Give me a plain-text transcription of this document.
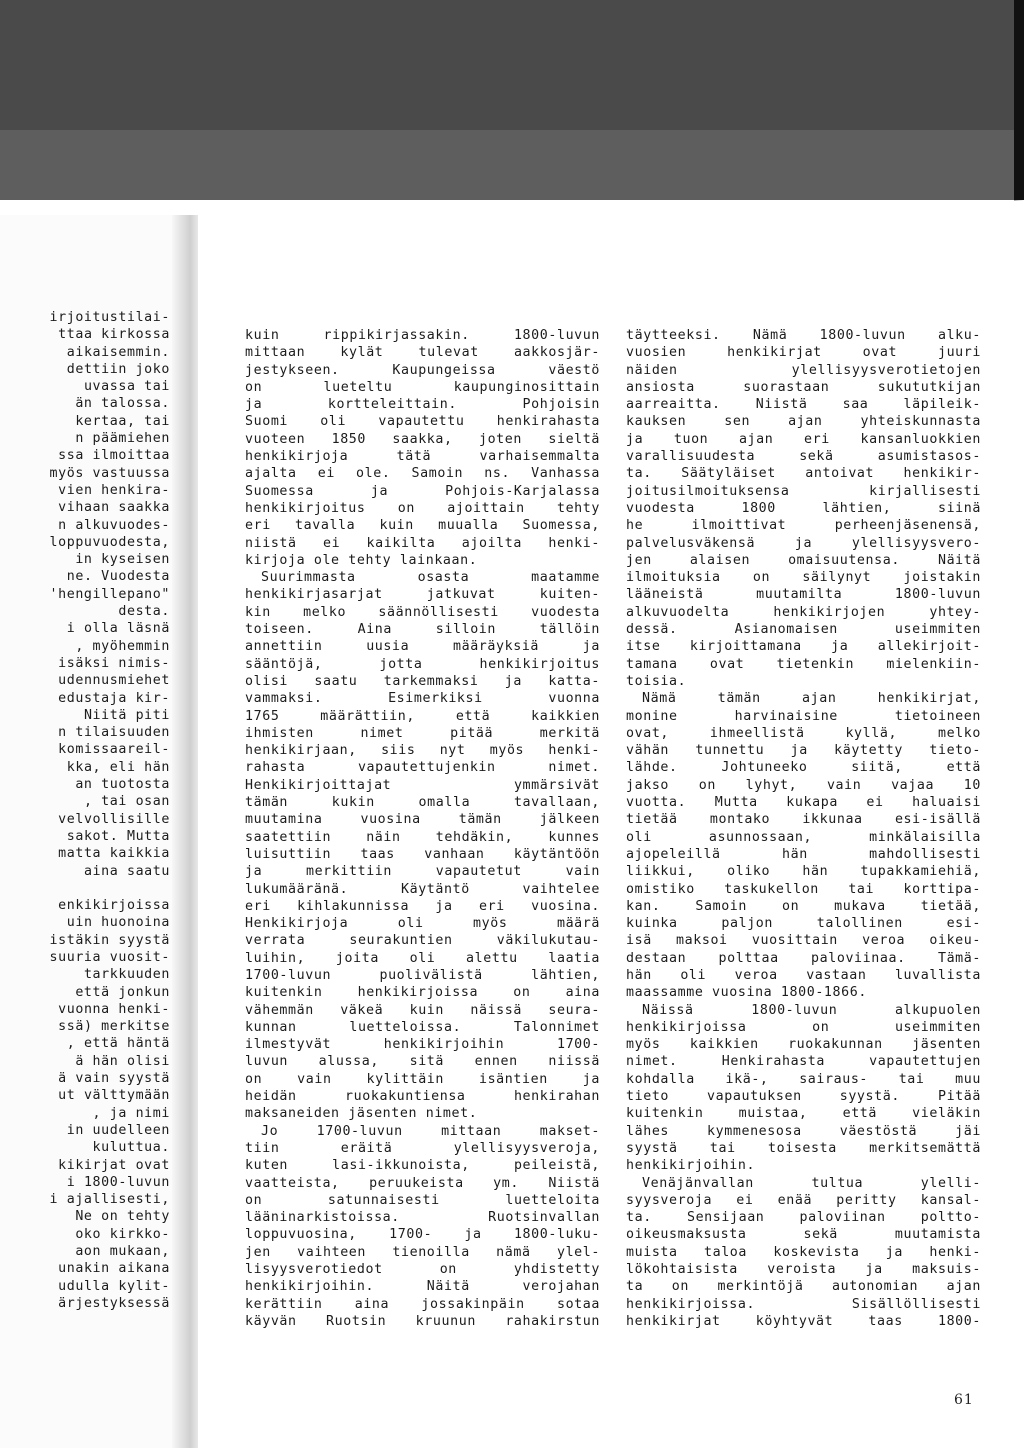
irjoitustilai-
ttaa kirkossa
aikaisemmin.
dettiin joko
uvassa tai
än talossa.
kertaa, tai
n päämiehen
ssa ilmoittaa
myös vastuussa
vien henkira-
vihaan saakka
n alkuvuodes-
loppuvuodesta,
in kyseisen
ne. Vuodesta
'hengillepano"
desta.
i olla läsnä
, myöhemmin
isäksi nimis-
udennusmiehet
edustaja kir-
Niitä piti
n tilaisuuden
komissaareil-
kka, eli hän
an tuotosta
, tai osan
velvollisille
sakot. Mutta
matta kaikkia
aina saatu
enkikirjoissa
uin huonoina
istäkin syystä
suuria vuosit-
tarkkuuden
että jonkun
vuonna henki-
ssä) merkitse
, että häntä
ä hän olisi
ä vain syystä
ut välttymään
, ja nimi
in uudelleen
kuluttua.
kikirjat ovat
i 1800-luvun
i ajallisesti,
Ne on tehty
oko kirkko-
aon mukaan,
unakin aikana
udulla kylit-
ärjestyksessä
kuin rippikirjassakin. 1800-luvun
mittaan kylät tulevat aakkosjär-
jestykseen. Kaupungeissa väestö
on lueteltu kaupunginosittain
ja kortteleittain. Pohjoisin
Suomi oli vapautettu henkirahasta
vuoteen 1850 saakka, joten sieltä
henkikirjoja tätä varhaisemmalta
ajalta ei ole. Samoin ns. Vanhassa
Suomessa ja Pohjois-Karjalassa
henkikirjoitus on ajoittain tehty
eri tavalla kuin muualla Suomessa,
niistä ei kaikilta ajoilta henki-
kirjoja ole tehty lainkaan.
Suurimmasta osasta maatamme
henkikirjasarjat jatkuvat kuiten-
kin melko säännöllisesti vuodesta
toiseen. Aina silloin tällöin
annettiin uusia määräyksiä ja
sääntöjä, jotta henkikirjoitus
olisi saatu tarkemmaksi ja katta-
vammaksi. Esimerkiksi vuonna
1765 määrättiin, että kaikkien
ihmisten nimet pitää merkitä
henkikirjaan, siis nyt myös henki-
rahasta vapautettujenkin nimet.
Henkikirjoittajat ymmärsivät
tämän kukin omalla tavallaan,
muutamina vuosina tämän jälkeen
saatettiin näin tehdäkin, kunnes
luisuttiin taas vanhaan käytäntöön
ja merkittiin vapautetut vain
lukumääränä. Käytäntö vaihtelee
eri kihlakunnissa ja eri vuosina.
Henkikirjoja oli myös määrä
verrata seurakuntien väkilukutau-
luihin, joita oli alettu laatia
1700-luvun puolivälistä lähtien,
kuitenkin henkikirjoissa on aina
vähemmän väkeä kuin näissä seura-
kunnan luetteloissa. Talonnimet
ilmestyvät henkikirjoihin 1700-
luvun alussa, sitä ennen niissä
on vain kylittäin isäntien ja
heidän ruokakuntiensa henkirahan
maksaneiden jäsenten nimet.
Jo 1700-luvun mittaan makset-
tiin eräitä ylellisyysveroja,
kuten lasi-ikkunoista, peileistä,
vaatteista, peruukeista ym. Niistä
on satunnaisesti luetteloita
lääninarkistoissa. Ruotsinvallan
loppuvuosina, 1700- ja 1800-luku-
jen vaihteen tienoilla nämä ylel-
lisyysverotiedot on yhdistetty
henkikirjoihin. Näitä verojahan
kerättiin aina jossakinpäin sotaa
käyvän Ruotsin kruunun rahakirstun
täytteeksi. Nämä 1800-luvun alku-
vuosien henkikirjat ovat juuri
näiden ylellisyysverotietojen
ansiosta suorastaan sukututkijan
aarreaitta. Niistä saa läpileik-
kauksen sen ajan yhteiskunnasta
ja tuon ajan eri kansanluokkien
varallisuudesta sekä asumistasos-
ta. Säätyläiset antoivat henkikir-
joitusilmoituksensa kirjallisesti
vuodesta 1800 lähtien, siinä
he ilmoittivat perheenjäsenensä,
palvelusväkensä ja ylellisyysvero-
jen alaisen omaisuutensa. Näitä
ilmoituksia on säilynyt joistakin
lääneistä muutamilta 1800-luvun
alkuvuodelta henkikirjojen yhtey-
dessä. Asianomaisen useimmiten
itse kirjoittamana ja allekirjoit-
tamana ovat tietenkin mielenkiin-
toisia.
Nämä tämän ajan henkikirjat,
monine harvinaisine tietoineen
ovat, ihmeellistä kyllä, melko
vähän tunnettu ja käytetty tieto-
lähde. Johtuneeko siitä, että
jakso on lyhyt, vain vajaa 10
vuotta. Mutta kukapa ei haluaisi
tietää montako ikkunaa esi-isällä
oli asunnossaan, minkälaisilla
ajopeleillä hän mahdollisesti
liikkui, oliko hän tupakkamiehiä,
omistiko taskukellon tai korttipa-
kan. Samoin on mukava tietää,
kuinka paljon talollinen esi-
isä maksoi vuosittain veroa oikeu-
destaan polttaa paloviinaa. Tämä-
hän oli veroa vastaan luvallista
maassamme vuosina 1800-1866.
Näissä 1800-luvun alkupuolen
henkikirjoissa on useimmiten
myös kaikkien ruokakunnan jäsenten
nimet. Henkirahasta vapautettujen
kohdalla ikä-, sairaus- tai muu
tieto vapautuksen syystä. Pitää
kuitenkin muistaa, että vieläkin
lähes kymmenesosa väestöstä jäi
syystä tai toisesta merkitsemättä
henkikirjoihin.
Venäjänvallan tultua ylelli-
syysveroja ei enää peritty kansal-
ta. Sensijaan paloviinan poltto-
oikeusmaksusta sekä muutamista
muista taloa koskevista ja henki-
lökohtaisista veroista ja maksuis-
ta on merkintöjä autonomian ajan
henkikirjoissa. Sisällöllisesti
henkikirjat köyhtyvät taas 1800-
61
